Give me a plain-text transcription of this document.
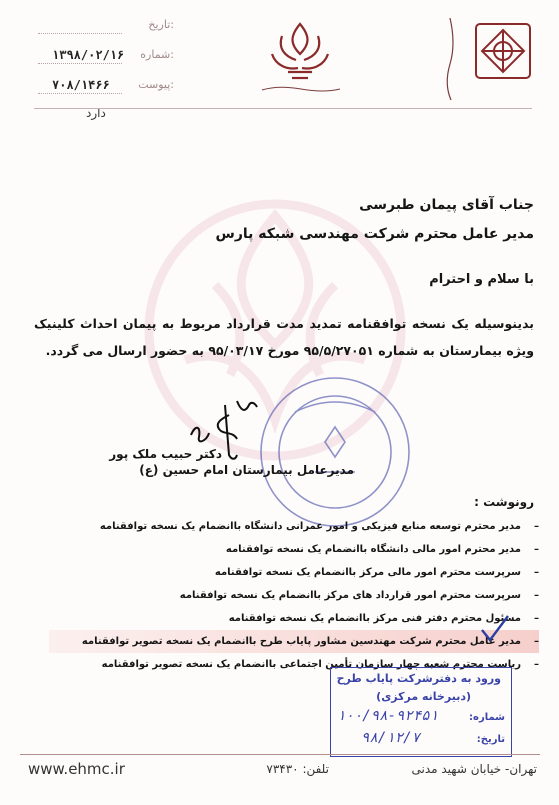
تاریخ:
شماره:
۱۳۹۸/۰۲/۱۶
پیوست:
۷۰۸/۱۴۶۶
دارد
جناب آقای پیمان طبرسی
مدیر عامل محترم شرکت مهندسی شبکه پارس
با سلام و احترام
بدینوسیله یک نسخه توافقنامه تمدید مدت قرارداد مربوط به پیمان احداث کلینیک ویژه بیمارستان به شماره ۹۵/۵/۲۷۰۵۱ مورخ ۹۵/۰۳/۱۷ به حضور ارسال می گردد.
دکتر حبیب ملک پور
مدیرعامل بیمارستان امام حسین (ع)
رونوشت :
–
مدیر محترم توسعه منابع فیزیکی و امور عمرانی دانشگاه باانضمام یک نسخه توافقنامه
–
مدیر محترم امور مالی دانشگاه باانضمام یک نسخه توافقنامه
–
سرپرست محترم امور مالی مرکز باانضمام یک نسخه توافقنامه
–
سرپرست محترم امور قرارداد های مرکز باانضمام یک نسخه توافقنامه
–
مسئول محترم دفتر فنی مرکز باانضمام یک نسخه توافقنامه
–
مدیر عامل محترم شرکت مهندسین مشاور پایاب طرح باانضمام یک نسخه تصویر توافقنامه
–
ریاست محترم شعبه چهار سازمان تأمین اجتماعی باانضمام یک نسخه تصویر توافقنامه
ورود به دفترشرکت پایاب طرح
(دبیرخانه مرکزی)
شماره:
۱۰۰/۹۸-۹۲۴۵۱
تاریخ:
۹۸/۱۲/۷
تهران- خیابان شهید مدنی
تلفن: ۷۳۴۳۰
www.ehmc.ir
